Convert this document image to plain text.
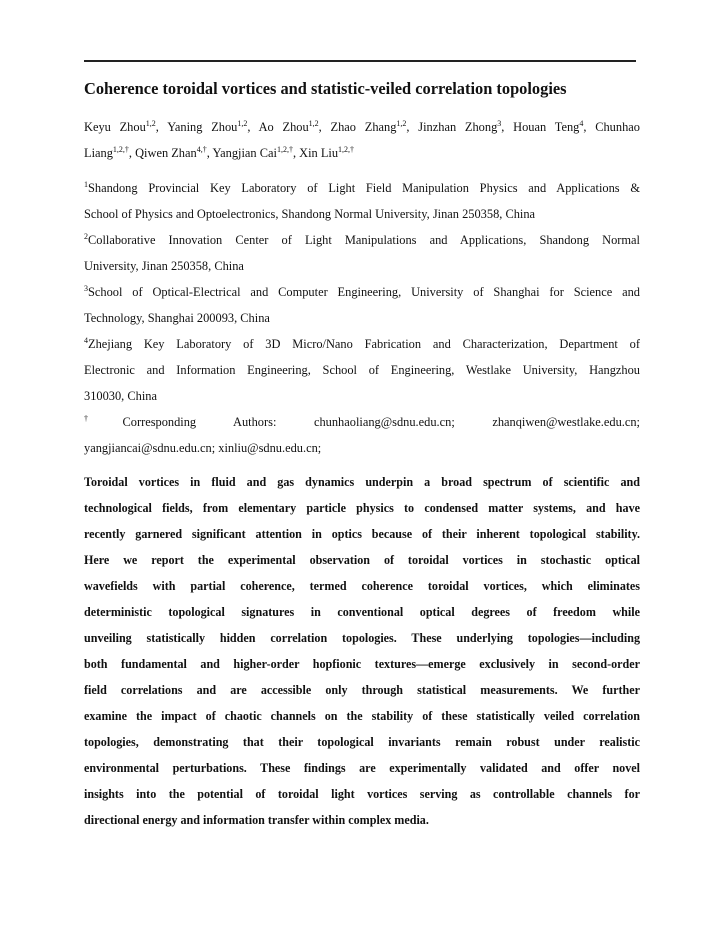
Coherence toroidal vortices and statistic-veiled correlation topologies
Keyu Zhou$^{1,2}$, Yaning Zhou$^{1,2}$, Ao Zhou$^{1,2}$, Zhao Zhang$^{1,2}$, Jinzhan Zhong$^3$, Houan Teng$^4$, Chunhao
Liang$^{1,2,\dagger}$, Qiwen Zhan$^{4,\dagger}$, Yangjian Cai$^{1,2,\dagger}$, Xin Liu$^{1,2,\dagger}$
$^1$Shandong Provincial Key Laboratory of Light Field Manipulation Physics and Applications &
School of Physics and Optoelectronics, Shandong Normal University, Jinan 250358, China
$^2$Collaborative Innovation Center of Light Manipulations and Applications, Shandong Normal
University, Jinan 250358, China
$^3$School of Optical-Electrical and Computer Engineering, University of Shanghai for Science and
Technology, Shanghai 200093, China
$^4$Zhejiang Key Laboratory of 3D Micro/Nano Fabrication and Characterization, Department of
Electronic and Information Engineering, School of Engineering, Westlake University, Hangzhou
310030, China
†Corresponding Authors: chunhaoliang@sdnu.edu.cn; zhanqiwen@westlake.edu.cn;
yangjiancai@sdnu.edu.cn; xinliu@sdnu.edu.cn;
Toroidal vortices in fluid and gas dynamics underpin a broad spectrum of scientific and
technological fields, from elementary particle physics to condensed matter systems, and have
recently garnered significant attention in optics because of their inherent topological stability.
Here we report the experimental observation of toroidal vortices in stochastic optical
wavefields with partial coherence, termed coherence toroidal vortices, which eliminates
deterministic topological signatures in conventional optical degrees of freedom while
unveiling statistically hidden correlation topologies. These underlying topologies—including
both fundamental and higher-order hopfionic textures—emerge exclusively in second-order
field correlations and are accessible only through statistical measurements. We further
examine the impact of chaotic channels on the stability of these statistically veiled correlation
topologies, demonstrating that their topological invariants remain robust under realistic
environmental perturbations. These findings are experimentally validated and offer novel
insights into the potential of toroidal light vortices serving as controllable channels for
directional energy and information transfer within complex media.
